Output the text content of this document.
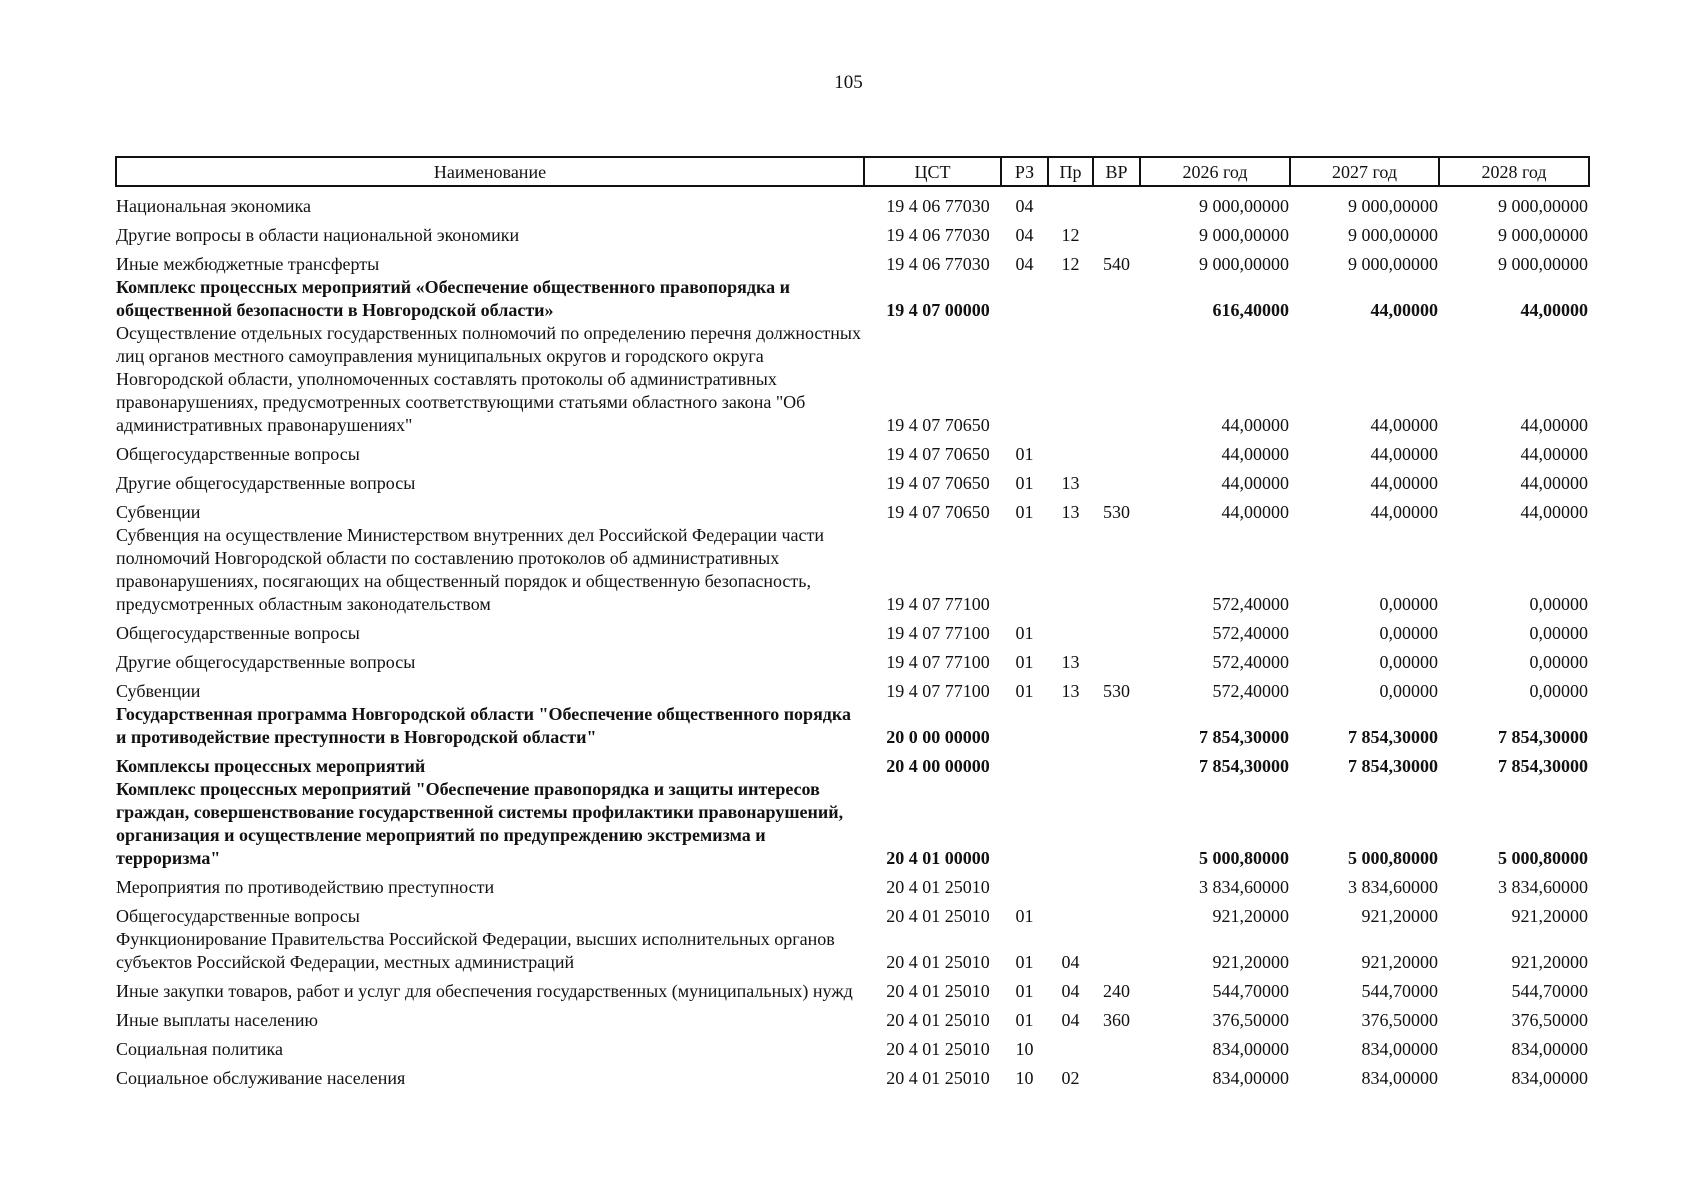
105
Наименование	ЦСТ	РЗ	Пр	ВР	2026 год	2027 год	2028 год
Национальная экономика	19 4 06 77030	04			9 000,00000	9 000,00000	9 000,00000
Другие вопросы в области национальной экономики	19 4 06 77030	04	12		9 000,00000	9 000,00000	9 000,00000
Иные межбюджетные трансферты	19 4 06 77030	04	12	540	9 000,00000	9 000,00000	9 000,00000
Комплекс процессных мероприятий «Обеспечение общественного правопорядка и общественной безопасности в Новгородской области»	19 4 07 00000				616,40000	44,00000	44,00000
Осуществление отдельных государственных полномочий по определению перечня должностных лиц органов местного самоуправления муниципальных округов и городского округа Новгородской области, уполномоченных составлять протоколы об административных правонарушениях, предусмотренных соответствующими статьями областного закона "Об административных правонарушениях"	19 4 07 70650				44,00000	44,00000	44,00000
Общегосударственные вопросы	19 4 07 70650	01			44,00000	44,00000	44,00000
Другие общегосударственные вопросы	19 4 07 70650	01	13		44,00000	44,00000	44,00000
Субвенции	19 4 07 70650	01	13	530	44,00000	44,00000	44,00000
Субвенция на осуществление Министерством внутренних дел Российской Федерации части полномочий Новгородской области по составлению протоколов об административных правонарушениях, посягающих на общественный порядок и общественную безопасность, предусмотренных областным законодательством	19 4 07 77100				572,40000	0,00000	0,00000
Общегосударственные вопросы	19 4 07 77100	01			572,40000	0,00000	0,00000
Другие общегосударственные вопросы	19 4 07 77100	01	13		572,40000	0,00000	0,00000
Субвенции	19 4 07 77100	01	13	530	572,40000	0,00000	0,00000
Государственная программа Новгородской области "Обеспечение общественного порядка и противодействие преступности в Новгородской области"	20 0 00 00000				7 854,30000	7 854,30000	7 854,30000
Комплексы процессных мероприятий	20 4 00 00000				7 854,30000	7 854,30000	7 854,30000
Комплекс процессных мероприятий "Обеспечение правопорядка и защиты интересов граждан, совершенствование государственной системы профилактики правонарушений, организация и осуществление мероприятий по предупреждению экстремизма и терроризма"	20 4 01 00000				5 000,80000	5 000,80000	5 000,80000
Мероприятия по противодействию преступности	20 4 01 25010				3 834,60000	3 834,60000	3 834,60000
Общегосударственные вопросы	20 4 01 25010	01			921,20000	921,20000	921,20000
Функционирование Правительства Российской Федерации, высших исполнительных органов субъектов Российской Федерации, местных администраций	20 4 01 25010	01	04		921,20000	921,20000	921,20000
Иные закупки товаров, работ и услуг для обеспечения государственных (муниципальных) нужд	20 4 01 25010	01	04	240	544,70000	544,70000	544,70000
Иные выплаты населению	20 4 01 25010	01	04	360	376,50000	376,50000	376,50000
Социальная политика	20 4 01 25010	10			834,00000	834,00000	834,00000
Социальное обслуживание населения	20 4 01 25010	10	02		834,00000	834,00000	834,00000
